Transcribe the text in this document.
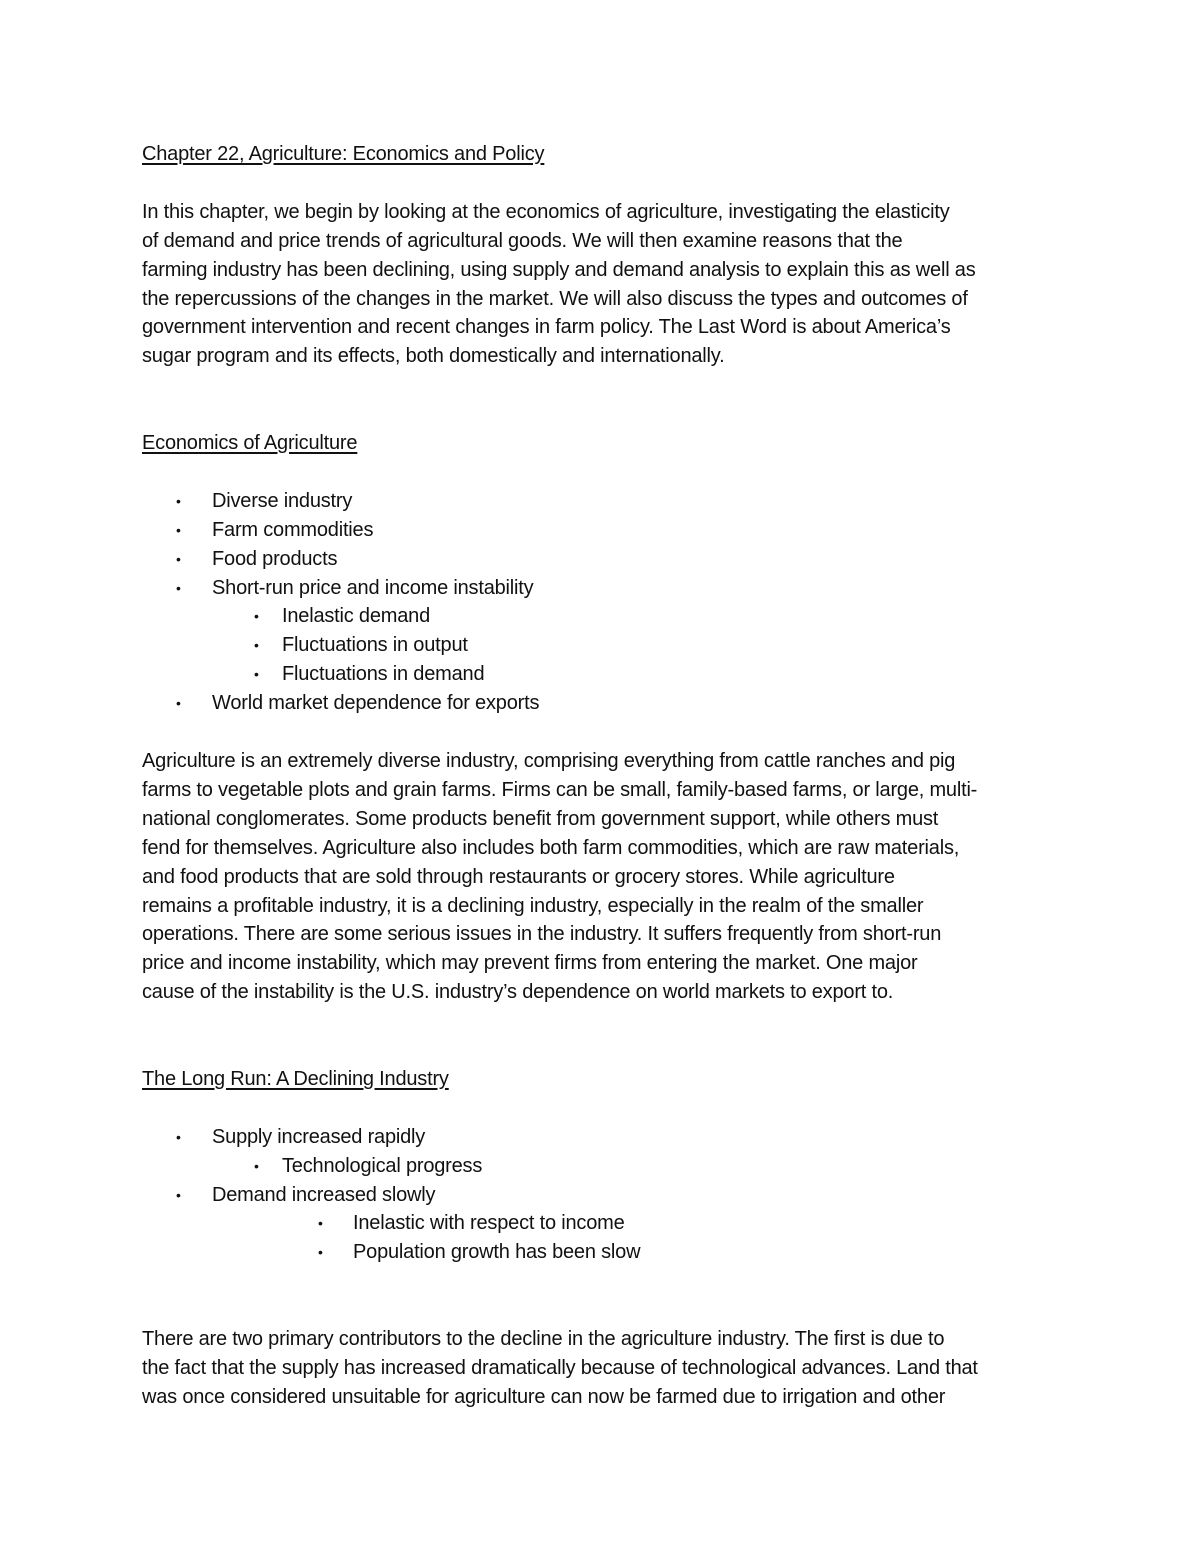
Chapter 22, Agriculture: Economics and Policy

In this chapter, we begin by looking at the economics of agriculture, investigating the elasticity
of demand and price trends of agricultural goods. We will then examine reasons that the
farming industry has been declining, using supply and demand analysis to explain this as well as
the repercussions of the changes in the market. We will also discuss the types and outcomes of
government intervention and recent changes in farm policy. The Last Word is about America’s
sugar program and its effects, both domestically and internationally.

Economics of Agriculture
• Diverse industry
• Farm commodities
• Food products
• Short-run price and income instability
• Inelastic demand
• Fluctuations in output
• Fluctuations in demand
• World market dependence for exports

Agriculture is an extremely diverse industry, comprising everything from cattle ranches and pig
farms to vegetable plots and grain farms. Firms can be small, family-based farms, or large, multi-
national conglomerates. Some products benefit from government support, while others must
fend for themselves. Agriculture also includes both farm commodities, which are raw materials,
and food products that are sold through restaurants or grocery stores. While agriculture
remains a profitable industry, it is a declining industry, especially in the realm of the smaller
operations. There are some serious issues in the industry. It suffers frequently from short-run
price and income instability, which may prevent firms from entering the market. One major
cause of the instability is the U.S. industry’s dependence on world markets to export to.

The Long Run: A Declining Industry
• Supply increased rapidly
• Technological progress
• Demand increased slowly
• Inelastic with respect to income
• Population growth has been slow

There are two primary contributors to the decline in the agriculture industry. The first is due to
the fact that the supply has increased dramatically because of technological advances. Land that
was once considered unsuitable for agriculture can now be farmed due to irrigation and other
